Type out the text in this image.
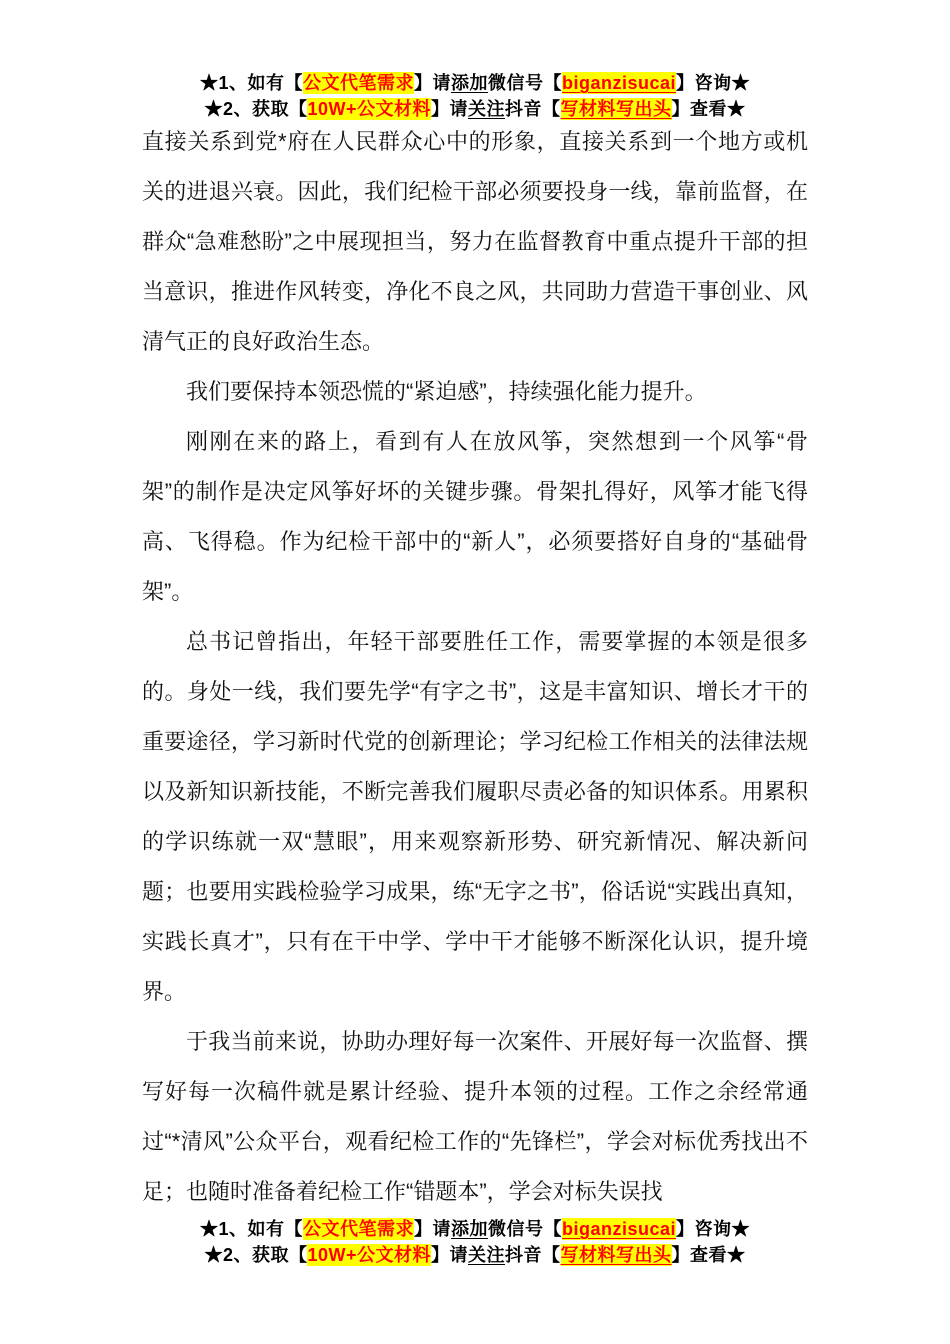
★1、如有【公文代笔需求】请添加微信号【biganzisucai】咨询★
★2、获取【10W+公文材料】请关注抖音【写材料写出头】查看★

直接关系到党*府在人民群众心中的形象，直接关系到一个地方或机关的进退兴衰。因此，我们纪检干部必须要投身一线，靠前监督，在群众“急难愁盼”之中展现担当，努力在监督教育中重点提升干部的担当意识，推进作风转变，净化不良之风，共同助力营造干事创业、风清气正的良好政治生态。

我们要保持本领恐慌的“紧迫感”，持续强化能力提升。

刚刚在来的路上，看到有人在放风筝，突然想到一个风筝“骨架”的制作是决定风筝好坏的关键步骤。骨架扎得好，风筝才能飞得高、飞得稳。作为纪检干部中的“新人”，必须要搭好自身的“基础骨架”。

总书记曾指出，年轻干部要胜任工作，需要掌握的本领是很多的。身处一线，我们要先学“有字之书”，这是丰富知识、增长才干的重要途径，学习新时代党的创新理论；学习纪检工作相关的法律法规以及新知识新技能，不断完善我们履职尽责必备的知识体系。用累积的学识练就一双“慧眼”，用来观察新形势、研究新情况、解决新问题；也要用实践检验学习成果，练“无字之书”，俗话说“实践出真知，实践长真才”，只有在干中学、学中干才能够不断深化认识，提升境界。

于我当前来说，协助办理好每一次案件、开展好每一次监督、撰写好每一次稿件就是累计经验、提升本领的过程。工作之余经常通过“*清风”公众平台，观看纪检工作的“先锋栏”，学会对标优秀找出不足；也随时准备着纪检工作“错题本”，学会对标失误找

★1、如有【公文代笔需求】请添加微信号【biganzisucai】咨询★
★2、获取【10W+公文材料】请关注抖音【写材料写出头】查看★
